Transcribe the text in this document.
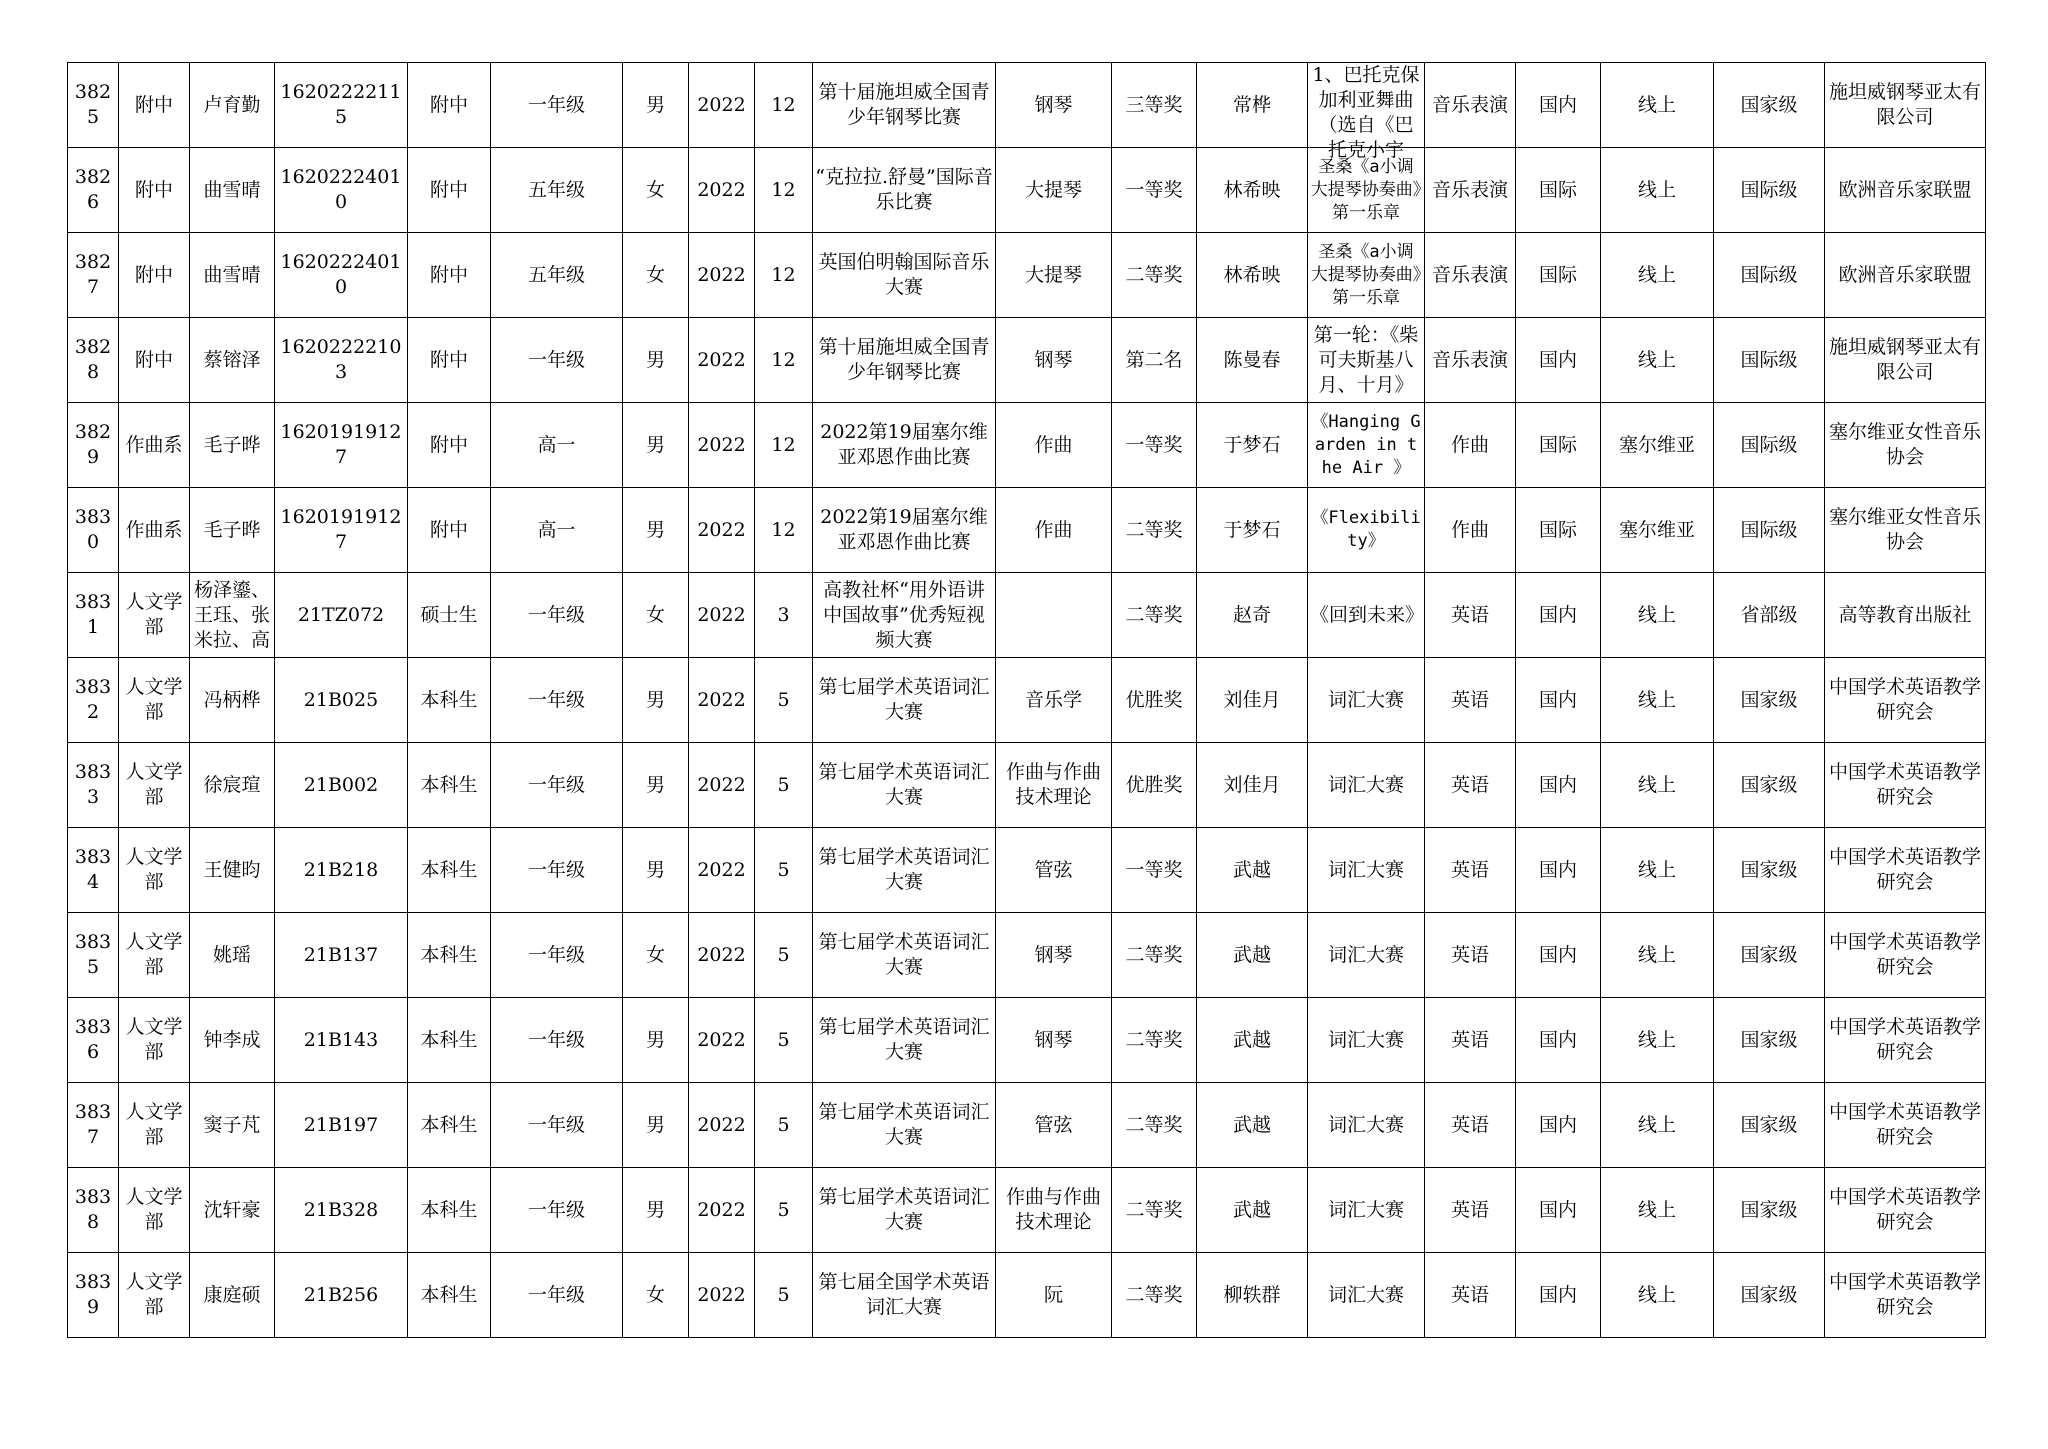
3825	附中	卢育勤	16202222115	附中	一年级	男	2022	12	第十届施坦威全国青少年钢琴比赛	钢琴	三等奖	常桦	1、巴托克保加利亚舞曲（选自《巴托克小宇	音乐表演	国内	线上	国家级	施坦威钢琴亚太有限公司

3826	附中	曲雪晴	16202224010	附中	五年级	女	2022	12	“克拉拉.舒曼”国际音乐比赛	大提琴	一等奖	林希映	圣桑《a小调大提琴协奏曲》第一乐章	音乐表演	国际	线上	国际级	欧洲音乐家联盟

3827	附中	曲雪晴	16202224010	附中	五年级	女	2022	12	英国伯明翰国际音乐大赛	大提琴	二等奖	林希映	圣桑《a小调大提琴协奏曲》第一乐章	音乐表演	国际	线上	国际级	欧洲音乐家联盟

3828	附中	蔡镕泽	16202222103	附中	一年级	男	2022	12	第十届施坦威全国青少年钢琴比赛	钢琴	第二名	陈曼春	第一轮：《柴可夫斯基八月、十月》	音乐表演	国内	线上	国际级	施坦威钢琴亚太有限公司

3829	作曲系	毛子晔	16201919127	附中	高一	男	2022	12	2022第19届塞尔维亚邓恩作曲比赛	作曲	一等奖	于梦石	《Hanging Garden in the Air 》	作曲	国际	塞尔维亚	国际级	塞尔维亚女性音乐协会

3830	作曲系	毛子晔	16201919127	附中	高一	男	2022	12	2022第19届塞尔维亚邓恩作曲比赛	作曲	二等奖	于梦石	《Flexibility》	作曲	国际	塞尔维亚	国际级	塞尔维亚女性音乐协会

3831	人文学部	杨泽鎏、王珏、张米拉、高	21TZ072	硕士生	一年级	女	2022	3	高教社杯“用外语讲中国故事”优秀短视频大赛		二等奖	赵奇	《回到未来》	英语	国内	线上	省部级	高等教育出版社

3832	人文学部	冯柄桦	21B025	本科生	一年级	男	2022	5	第七届学术英语词汇大赛	音乐学	优胜奖	刘佳月	词汇大赛	英语	国内	线上	国家级	中国学术英语教学研究会

3833	人文学部	徐宸瑄	21B002	本科生	一年级	男	2022	5	第七届学术英语词汇大赛	作曲与作曲技术理论	优胜奖	刘佳月	词汇大赛	英语	国内	线上	国家级	中国学术英语教学研究会

3834	人文学部	王健昀	21B218	本科生	一年级	男	2022	5	第七届学术英语词汇大赛	管弦	一等奖	武越	词汇大赛	英语	国内	线上	国家级	中国学术英语教学研究会

3835	人文学部	姚瑶	21B137	本科生	一年级	女	2022	5	第七届学术英语词汇大赛	钢琴	二等奖	武越	词汇大赛	英语	国内	线上	国家级	中国学术英语教学研究会

3836	人文学部	钟李成	21B143	本科生	一年级	男	2022	5	第七届学术英语词汇大赛	钢琴	二等奖	武越	词汇大赛	英语	国内	线上	国家级	中国学术英语教学研究会

3837	人文学部	窦子芃	21B197	本科生	一年级	男	2022	5	第七届学术英语词汇大赛	管弦	二等奖	武越	词汇大赛	英语	国内	线上	国家级	中国学术英语教学研究会

3838	人文学部	沈轩豪	21B328	本科生	一年级	男	2022	5	第七届学术英语词汇大赛	作曲与作曲技术理论	二等奖	武越	词汇大赛	英语	国内	线上	国家级	中国学术英语教学研究会

3839	人文学部	康庭硕	21B256	本科生	一年级	女	2022	5	第七届全国学术英语词汇大赛	阮	二等奖	柳轶群	词汇大赛	英语	国内	线上	国家级	中国学术英语教学研究会
